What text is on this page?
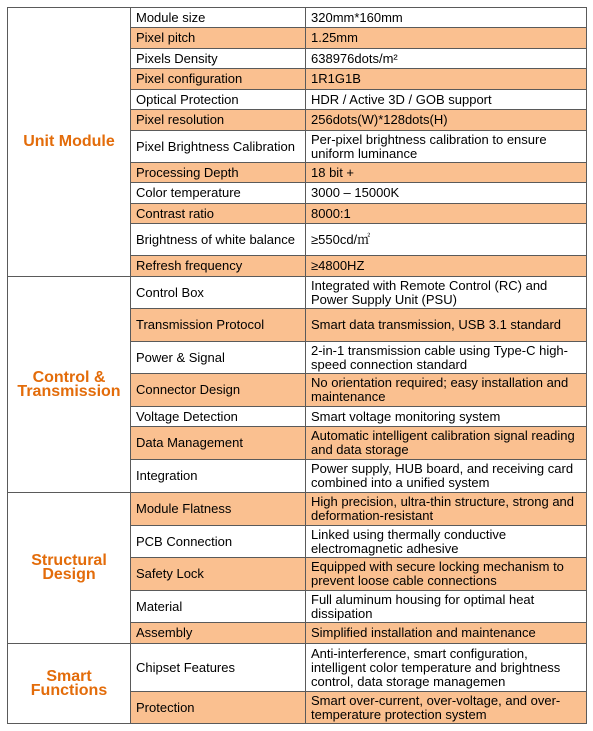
Unit Module	Module size	320mm*160mm
	Pixel pitch	1.25mm
	Pixels Density	638976dots/m²
	Pixel configuration	1R1G1B
	Optical Protection	HDR / Active 3D / GOB support
	Pixel resolution	256dots(W)*128dots(H)
	Pixel Brightness Calibration	Per-pixel brightness calibration to ensure uniform luminance
	Processing Depth	18 bit +
	Color temperature	3000 – 15000K
	Contrast ratio	8000:1
	Brightness of white balance	≥550cd/㎡
	Refresh frequency	≥4800HZ
Control & Transmission	Control Box	Integrated with Remote Control (RC) and Power Supply Unit (PSU)
	Transmission Protocol	Smart data transmission, USB 3.1 standard
	Power & Signal	2-in-1 transmission cable using Type-C high-speed connection standard
	Connector Design	No orientation required; easy installation and maintenance
	Voltage Detection	Smart voltage monitoring system
	Data Management	Automatic intelligent calibration signal reading and data storage
	Integration	Power supply, HUB board, and receiving card combined into a unified system
Structural Design	Module Flatness	High precision, ultra-thin structure, strong and deformation-resistant
	PCB Connection	Linked using thermally conductive electromagnetic adhesive
	Safety Lock	Equipped with secure locking mechanism to prevent loose cable connections
	Material	Full aluminum housing for optimal heat dissipation
	Assembly	Simplified installation and maintenance
Smart Functions	Chipset Features	Anti-interference, smart configuration, intelligent color temperature and brightness control, data storage managemen
	Protection	Smart over-current, over-voltage, and over-temperature protection system
